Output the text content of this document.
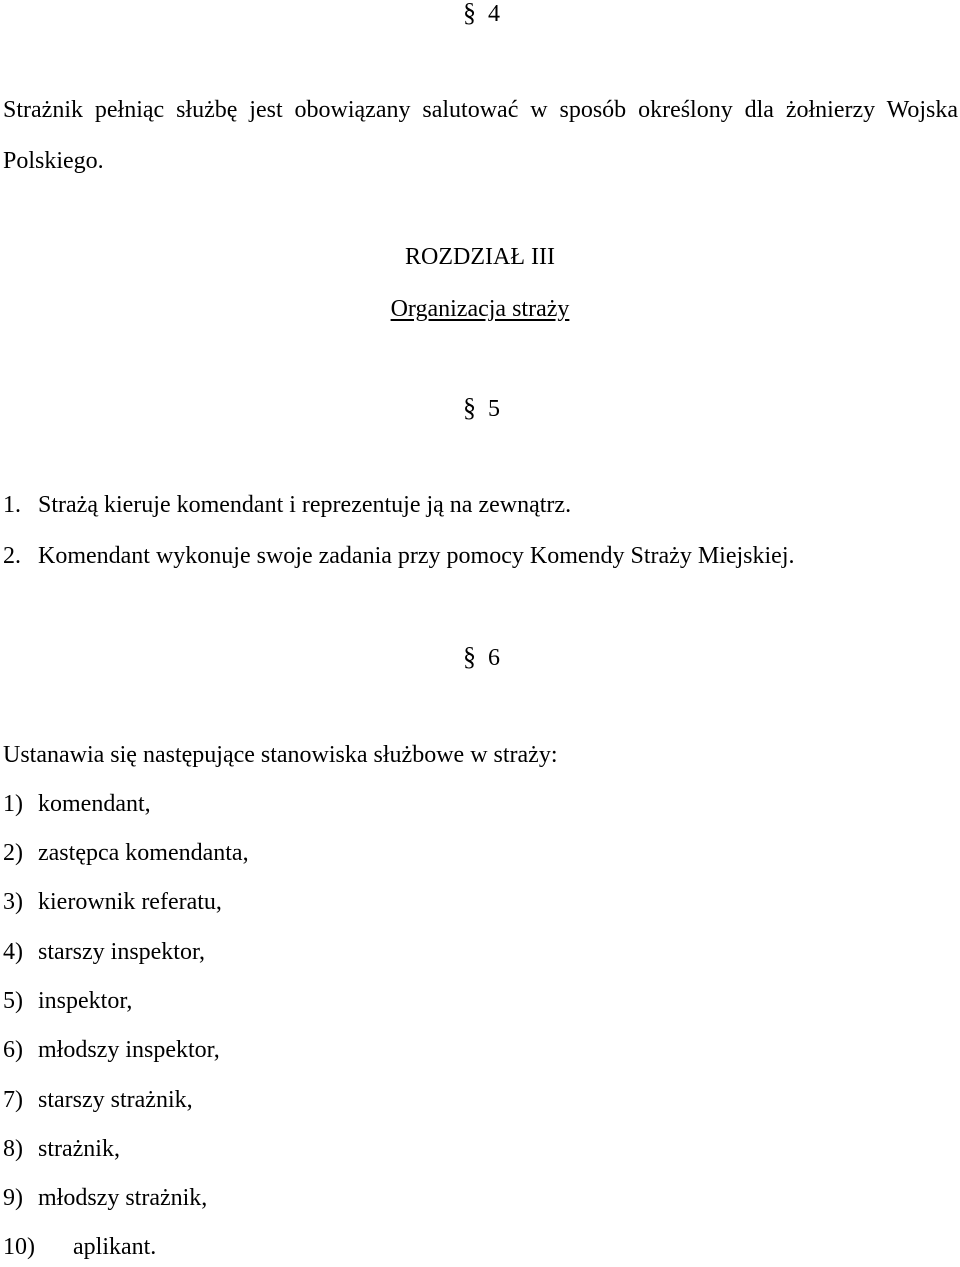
§ 4
Strażnik pełniąc służbę jest obowiązany salutować w sposób określony dla żołnierzy Wojska Polskiego.
ROZDZIAŁ III
Organizacja straży
§ 5
1. Strażą kieruje komendant i reprezentuje ją na zewnątrz.
2. Komendant wykonuje swoje zadania przy pomocy Komendy Straży Miejskiej.
§ 6
Ustanawia się następujące stanowiska służbowe w straży:
1) komendant,
2) zastępca komendanta,
3) kierownik referatu,
4) starszy inspektor,
5) inspektor,
6) młodszy inspektor,
7) starszy strażnik,
8) strażnik,
9) młodszy strażnik,
10) aplikant.
